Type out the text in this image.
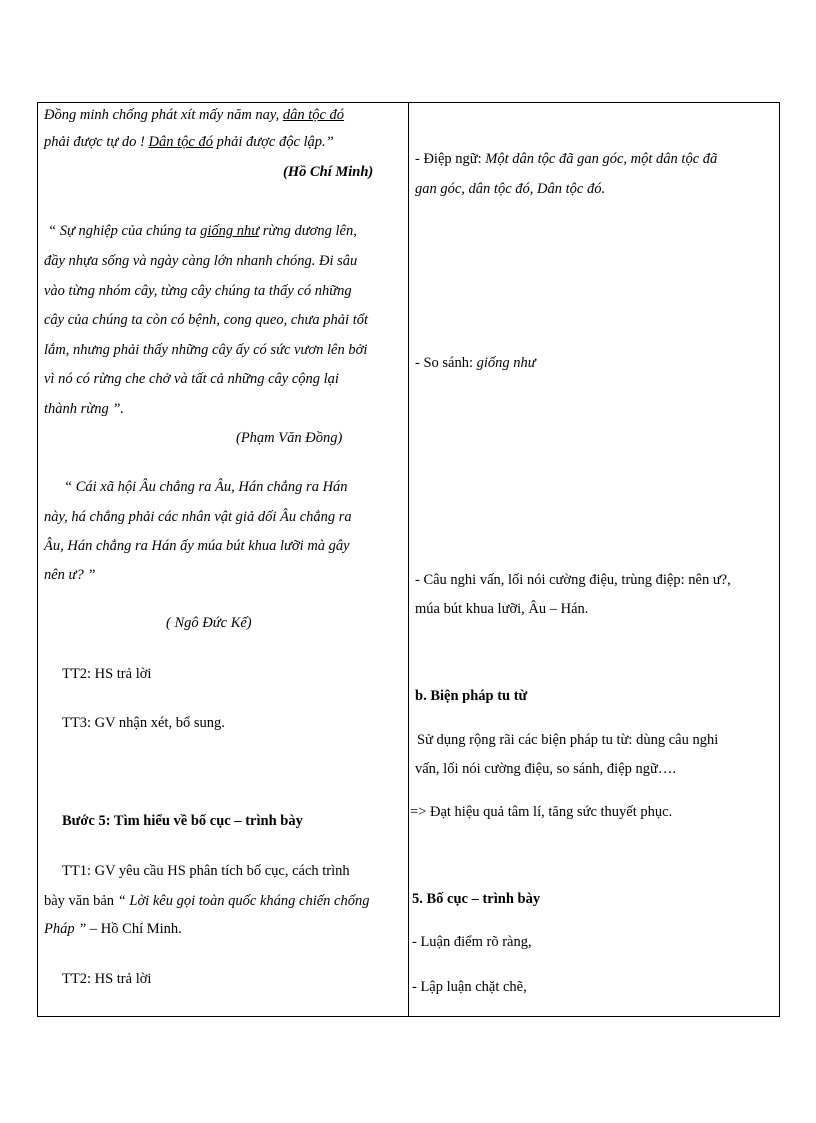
Đồng minh chống phát xít mấy năm nay, dân tộc đó
phải được tự do ! Dân tộc đó phải được độc lập.”
(Hồ Chí Minh)
“ Sự nghiệp của chúng ta giống như rừng dương lên,
đầy nhựa sống và ngày càng lớn nhanh chóng. Đi sâu
vào từng nhóm cây, từng cây chúng ta thấy có những
cây của chúng ta còn có bệnh, cong queo, chưa phải tốt
lắm, nhưng phải thấy những cây ấy có sức vươn lên bởi
vì nó có rừng che chở và tất cả những cây cộng lại
thành rừng ”.
(Phạm Văn Đồng)
“ Cái xã hội Âu chẳng ra Âu, Hán chẳng ra Hán
này, há chẳng phải các nhân vật giả dối Âu chẳng ra
Âu, Hán chẳng ra Hán ấy múa bút khua lưỡi mà gây
nên ư? ”
( Ngô Đức Kế)
TT2: HS trả lời
TT3: GV nhận xét, bổ sung.
Bước 5: Tìm hiểu về bố cục – trình bày
TT1: GV yêu cầu HS phân tích bố cục, cách trình
bày văn bản “ Lời kêu gọi toàn quốc kháng chiến chống
Pháp ” – Hồ Chí Minh.
TT2: HS trả lời
- Điệp ngữ: Một dân tộc đã gan góc, một dân tộc đã
gan góc, dân tộc đó, Dân tộc đó.
- So sánh: giống như
- Câu nghi vấn, lối nói cường điệu, trùng điệp: nên ư?,
múa bút khua lưỡi, Âu – Hán.
b. Biện pháp tu từ
Sử dụng rộng rãi các biện pháp tu từ: dùng câu nghi
vấn, lối nói cường điệu, so sánh, điệp ngữ….
=> Đạt hiệu quả tâm lí, tăng sức thuyết phục.
5. Bố cục – trình bày
- Luận điểm rõ ràng,
- Lập luận chặt chẽ,
